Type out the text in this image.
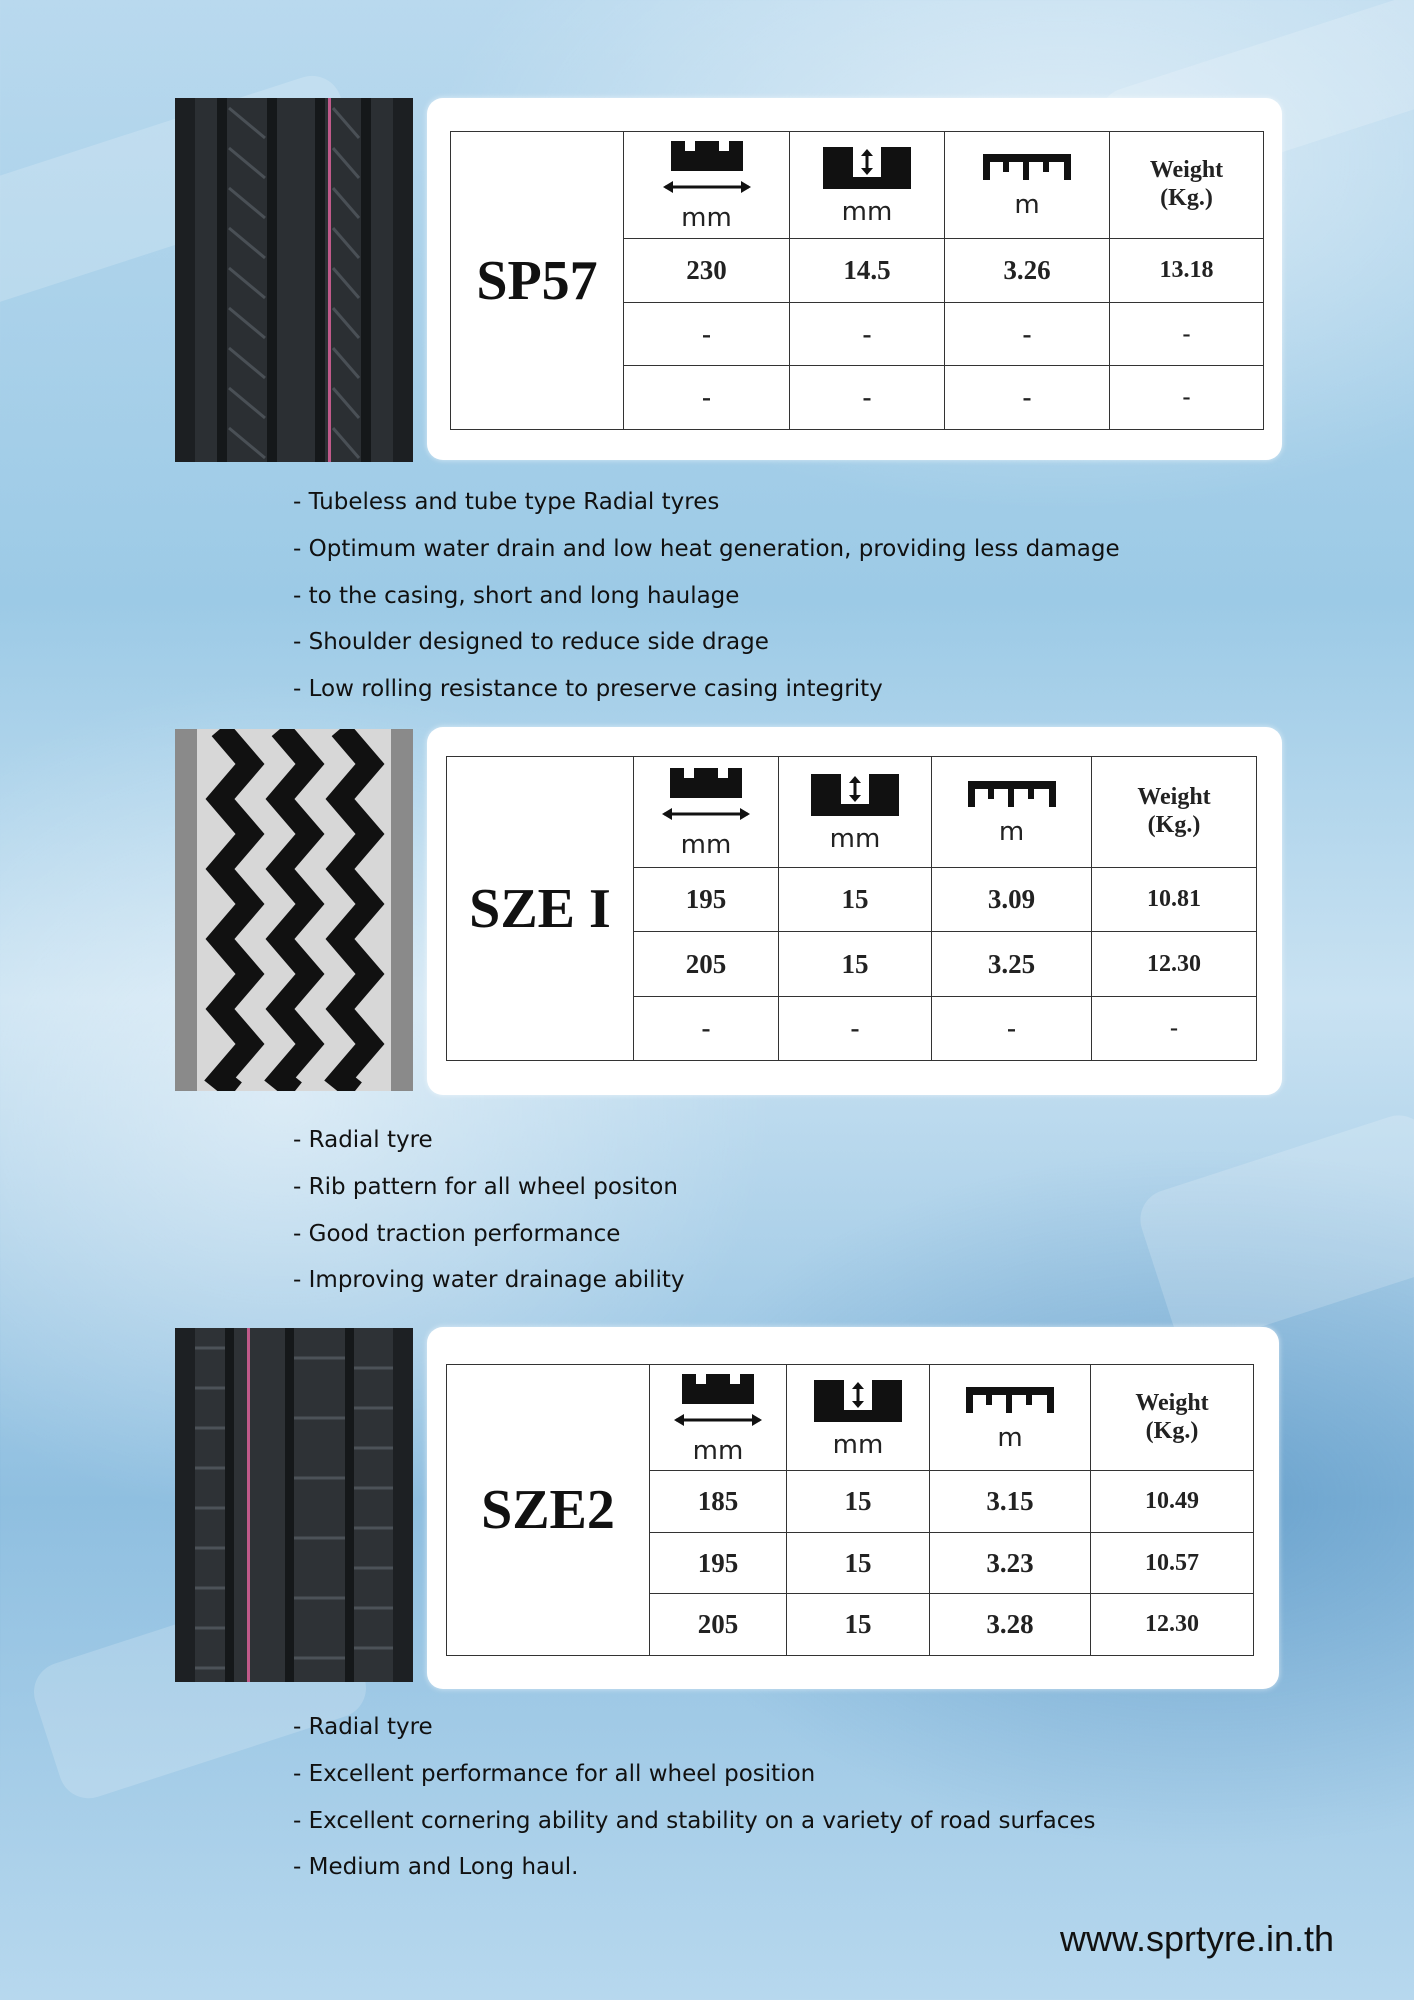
SP57	mm	mm	m	Weight
(Kg.)

	230	14.5	3.26	13.18
	-	-	-	-
	-	-	-	-
- Tubeless and tube type Radial tyres
- Optimum water drain and low heat generation, providing less damage
- to the casing, short and long haulage
- Shoulder designed to reduce side drage
- Low rolling resistance to preserve casing integrity
SZE I	mm	mm	m	Weight
(Kg.)

	195	15	3.09	10.81
	205	15	3.25	12.30
	-	-	-	-
- Radial tyre
- Rib pattern for all wheel positon
- Good traction performance
- Improving water drainage ability
SZE2	mm	mm	m	Weight
(Kg.)

	185	15	3.15	10.49
	195	15	3.23	10.57
	205	15	3.28	12.30
- Radial tyre
- Excellent performance for all wheel position
- Excellent cornering ability and stability on a variety of road surfaces
- Medium and Long haul.
www.sprtyre.in.th
